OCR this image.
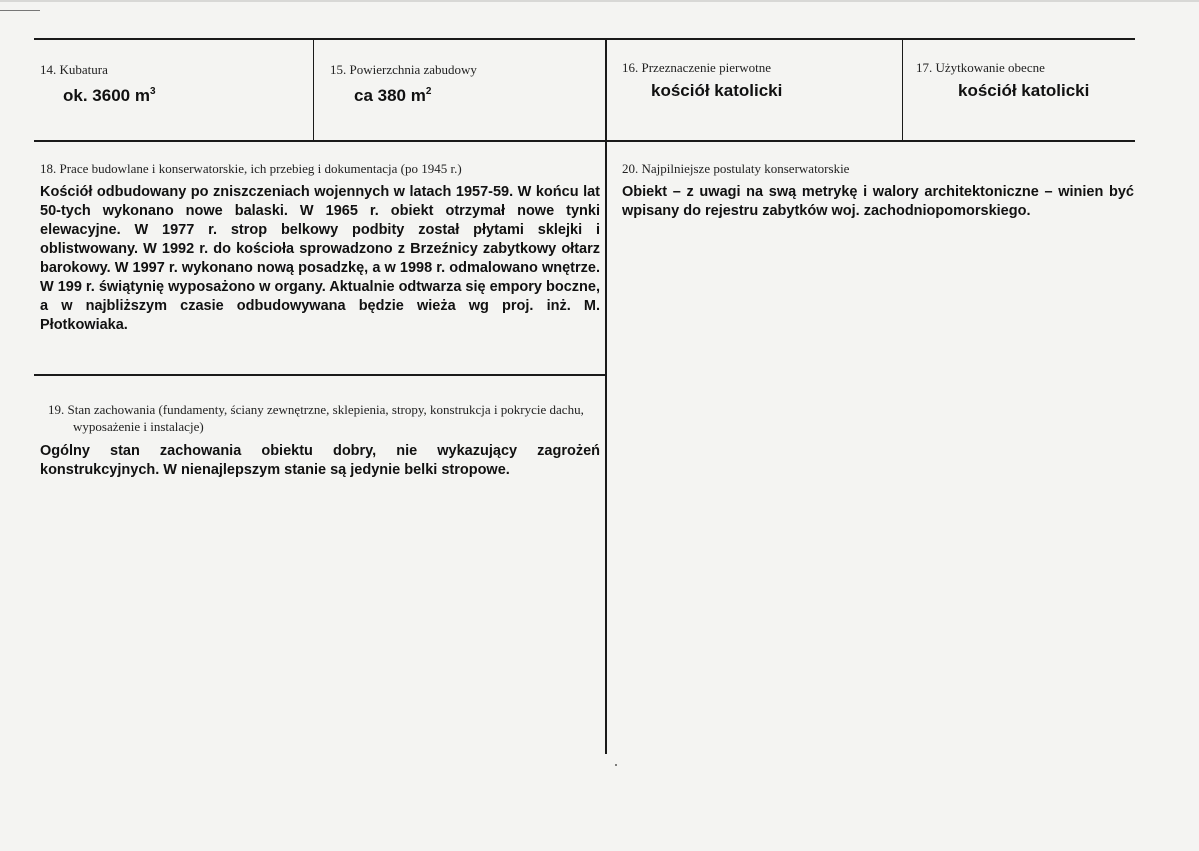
14. Kubatura
ok. 3600 $m^3$
15. Powierzchnia zabudowy
ca 380 $m^2$
16. Przeznaczenie pierwotne
kościół katolicki
17. Użytkowanie obecne
kościół katolicki
18. Prace budowlane i konserwatorskie, ich przebieg i dokumentacja (po 1945 r.)

Kościół odbudowany po zniszczeniach wojennych w latach 1957-59. W końcu lat 50-tych wykonano nowe balaski. W 1965 r. obiekt otrzymał nowe tynki elewacyjne. W 1977 r. strop belkowy podbity został płytami sklejki i oblistwowany. W 1992 r. do kościoła sprowadzono z Brzeźnicy zabytkowy ołtarz barokowy. W 1997 r. wykonano nową posadzkę, a w 1998 r. odmalowano wnętrze. W 199 r. świątynię wyposażono w organy. Aktualnie odtwarza się empory boczne, a w najbliższym czasie odbudowywana będzie wieża wg proj. inż. M. Płotkowiaka.

19. Stan zachowania (fundamenty, ściany zewnętrzne, sklepienia, stropy, konstrukcja i pokrycie dachu, wyposażenie i instalacje)

Ogólny stan zachowania obiektu dobry, nie wykazujący zagrożeń konstrukcyjnych. W nienajlepszym stanie są jedynie belki stropowe.

20. Najpilniejsze postulaty konserwatorskie

Obiekt – z uwagi na swą metrykę i walory architektoniczne – winien być wpisany do rejestru zabytków woj. zachodniopomorskiego.
